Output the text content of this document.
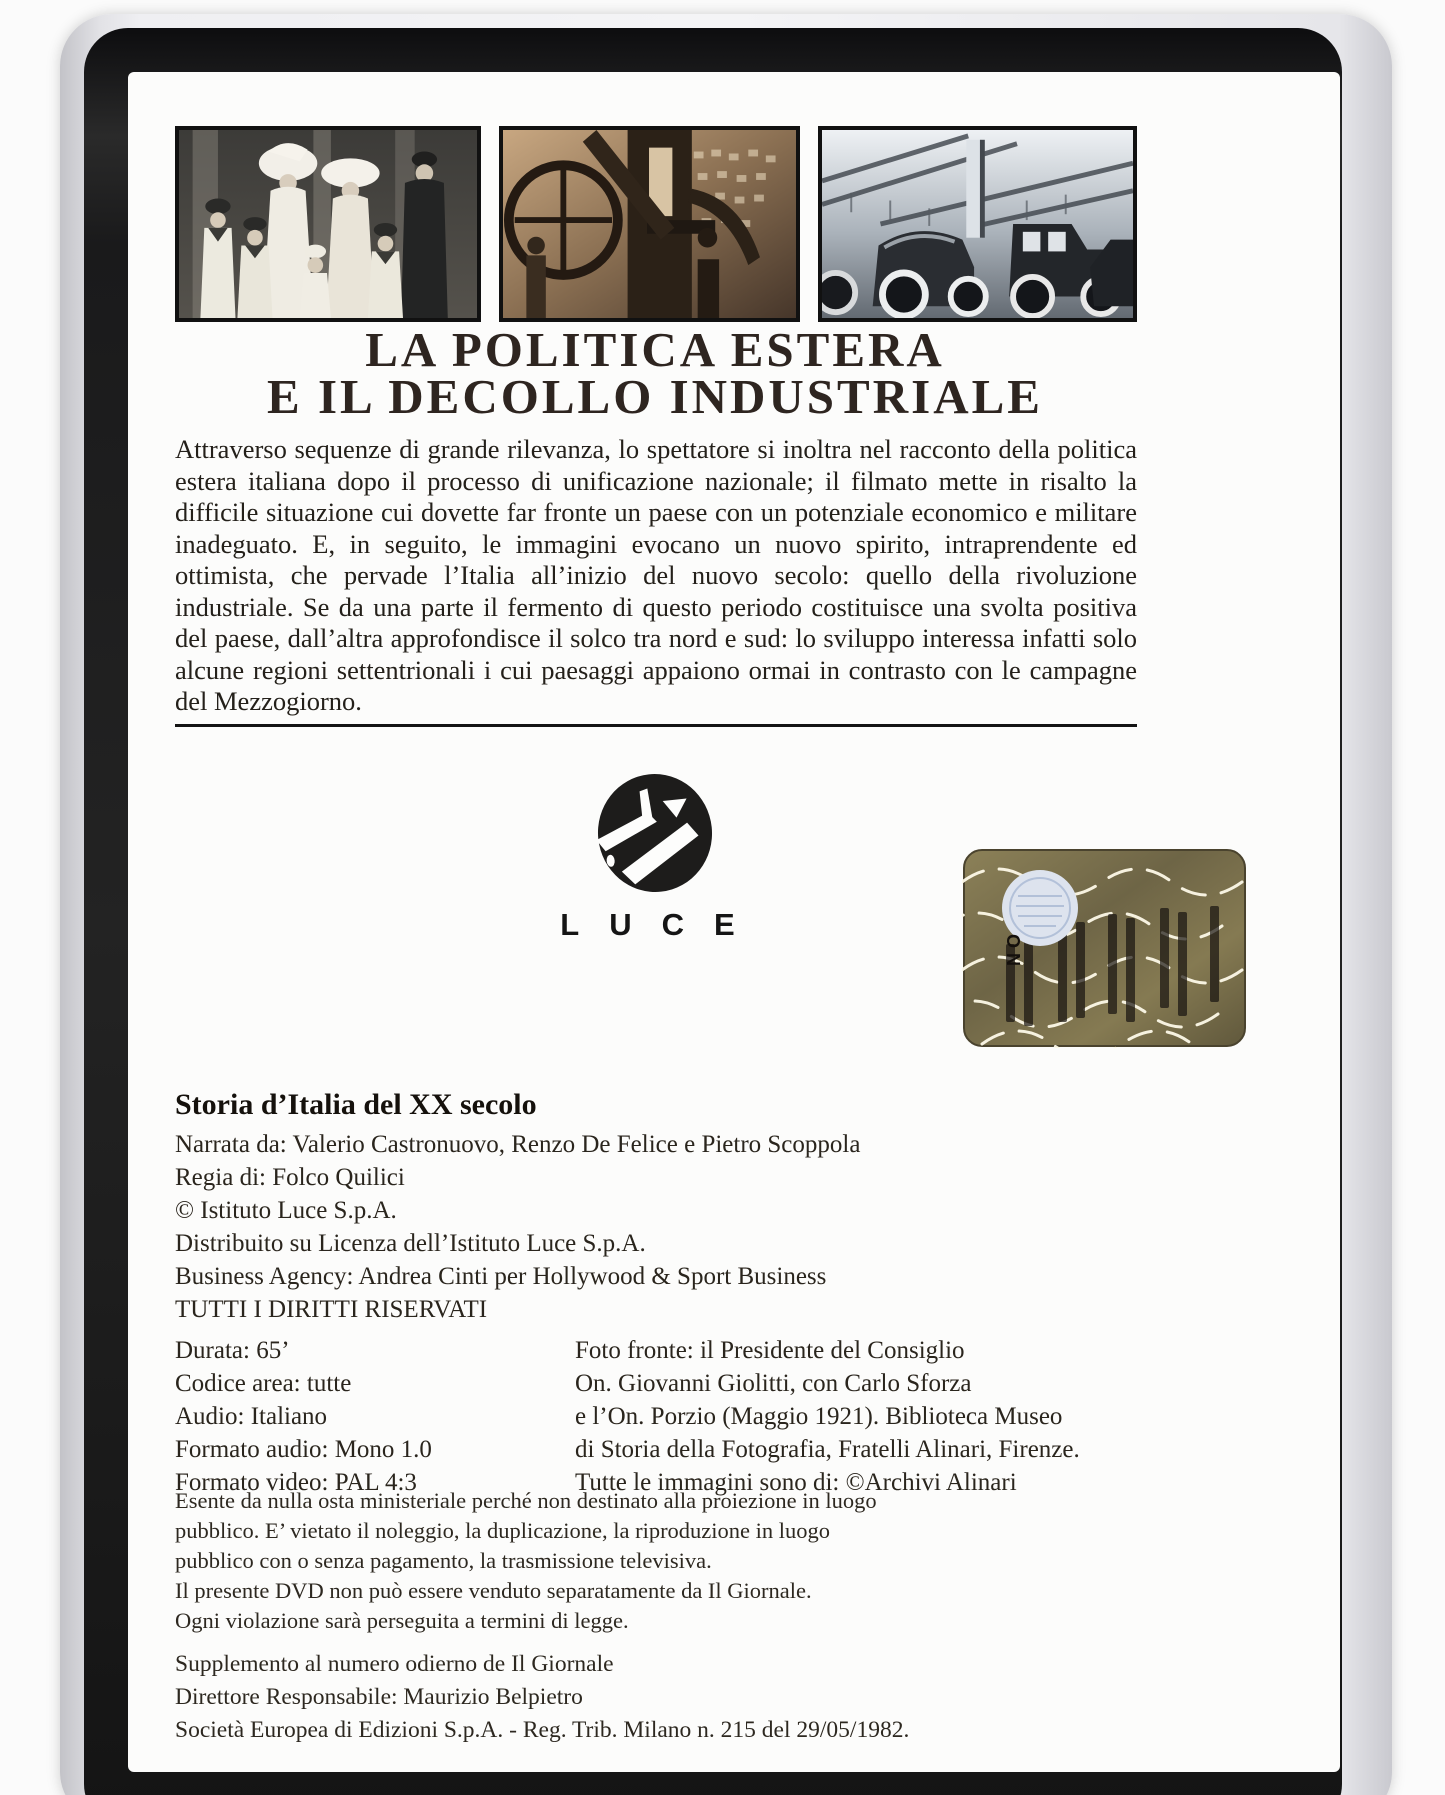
LA POLITICA ESTERA
E IL DECOLLO INDUSTRIALE

Attraverso sequenze di grande rilevanza, lo spettatore si inoltra nel racconto della politica estera italiana dopo il processo di unificazione nazionale; il filmato mette in risalto la difficile situazione cui dovette far fronte un paese con un potenziale economico e militare inadeguato. E, in seguito, le immagini evocano un nuovo spirito, intraprendente ed ottimista, che pervade l’Italia all’inizio del nuovo secolo: quello della rivoluzione industriale. Se da una parte il fermento di questo periodo costituisce una svolta positiva del paese, dall’altra approfondisce il solco tra nord e sud: lo sviluppo interessa infatti solo alcune regioni settentrionali i cui paesaggi appaiono ormai in contrasto con le campagne del Mezzogiorno.

LUCE
N O
Storia d’Italia del XX secolo
Narrata da: Valerio Castronuovo, Renzo De Felice e Pietro Scoppola
Regia di: Folco Quilici
© Istituto Luce S.p.A.
Distribuito su Licenza dell’Istituto Luce S.p.A.
Business Agency: Andrea Cinti per Hollywood & Sport Business
TUTTI I DIRITTI RISERVATI
Durata: 65’
Codice area: tutte
Audio: Italiano
Formato audio: Mono 1.0
Formato video: PAL 4:3
Foto fronte: il Presidente del Consiglio
On. Giovanni Giolitti, con Carlo Sforza
e l’On. Porzio (Maggio 1921). Biblioteca Museo
di Storia della Fotografia, Fratelli Alinari, Firenze.
Tutte le immagini sono di: ©Archivi Alinari
Esente da nulla osta ministeriale perché non destinato alla proiezione in luogo
pubblico. E’ vietato il noleggio, la duplicazione, la riproduzione in luogo
pubblico con o senza pagamento, la trasmissione televisiva.
Il presente DVD non può essere venduto separatamente da Il Giornale.
Ogni violazione sarà perseguita a termini di legge.
Supplemento al numero odierno de Il Giornale
Direttore Responsabile: Maurizio Belpietro
Società Europea di Edizioni S.p.A. - Reg. Trib. Milano n. 215 del 29/05/1982.
